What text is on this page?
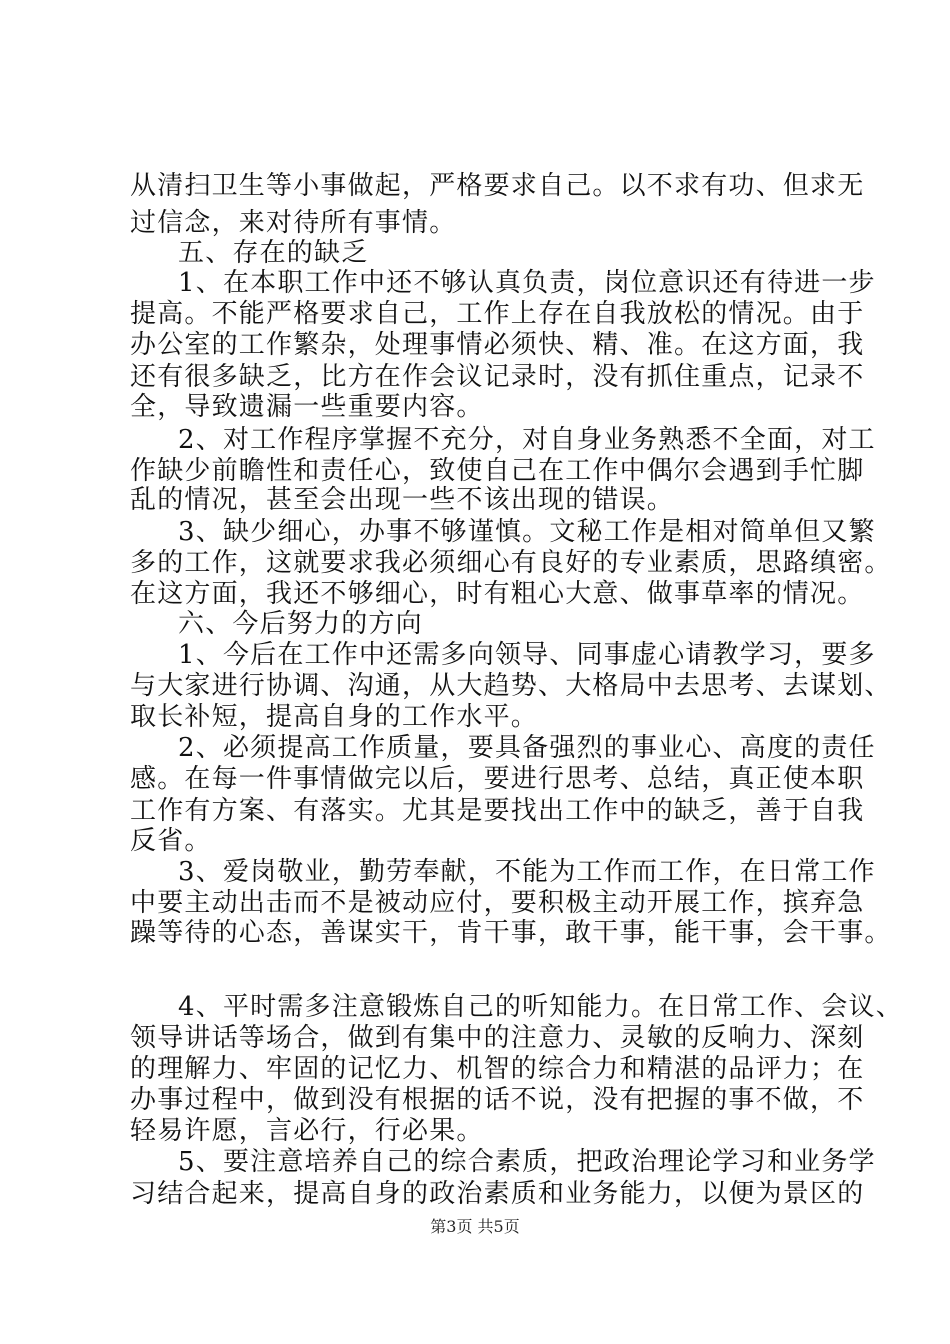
从清扫卫生等小事做起，严格要求自己。以不求有功、但求无
过信念，来对待所有事情。
五、存在的缺乏
1、在本职工作中还不够认真负责，岗位意识还有待进一步
提高。不能严格要求自己，工作上存在自我放松的情况。由于
办公室的工作繁杂，处理事情必须快、精、准。在这方面，我
还有很多缺乏，比方在作会议记录时，没有抓住重点，记录不
全，导致遗漏一些重要内容。
2、对工作程序掌握不充分，对自身业务熟悉不全面，对工
作缺少前瞻性和责任心，致使自己在工作中偶尔会遇到手忙脚
乱的情况，甚至会出现一些不该出现的错误。
3、缺少细心，办事不够谨慎。文秘工作是相对简单但又繁
多的工作，这就要求我必须细心有良好的专业素质，思路缜密。
在这方面，我还不够细心，时有粗心大意、做事草率的情况。
六、今后努力的方向
1、今后在工作中还需多向领导、同事虚心请教学习，要多
与大家进行协调、沟通，从大趋势、大格局中去思考、去谋划、
取长补短，提高自身的工作水平。
2、必须提高工作质量，要具备强烈的事业心、高度的责任
感。在每一件事情做完以后，要进行思考、总结，真正使本职
工作有方案、有落实。尤其是要找出工作中的缺乏，善于自我
反省。
3、爱岗敬业，勤劳奉献，不能为工作而工作，在日常工作
中要主动出击而不是被动应付，要积极主动开展工作，摈弃急
躁等待的心态，善谋实干，肯干事，敢干事，能干事，会干事。
4、平时需多注意锻炼自己的听知能力。在日常工作、会议、
领导讲话等场合，做到有集中的注意力、灵敏的反响力、深刻
的理解力、牢固的记忆力、机智的综合力和精湛的品评力；在
办事过程中，做到没有根据的话不说，没有把握的事不做，不
轻易许愿，言必行，行必果。
5、要注意培养自己的综合素质，把政治理论学习和业务学
习结合起来，提高自身的政治素质和业务能力，以便为景区的
第3页 共5页
